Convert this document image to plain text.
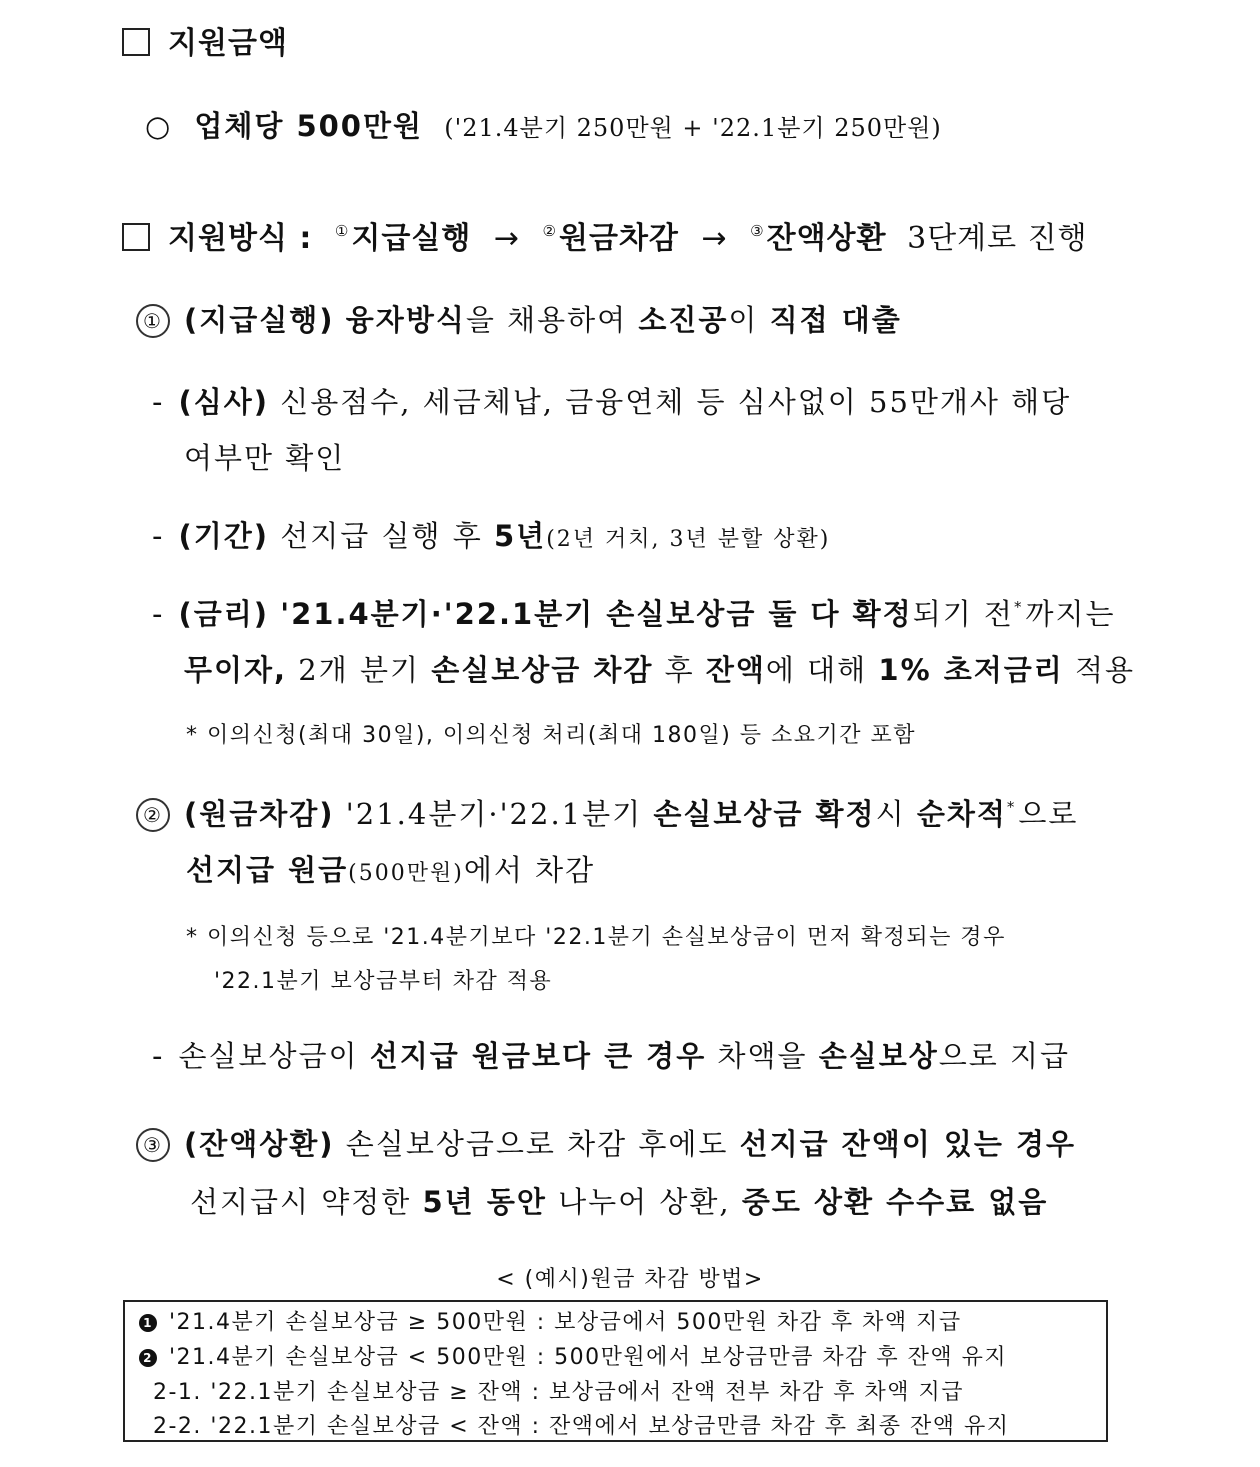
지원금액
○ 업체당 500만원 ('21.4분기 250만원 + '22.1분기 250만원)
지원방식 : ①지급실행 → ②원금차감 → ③잔액상환 3단계로 진행
① (지급실행) 융자방식을 채용하여 소진공이 직접 대출
- (심사) 신용점수, 세금체납, 금융연체 등 심사없이 55만개사 해당
여부만 확인
- (기간) 선지급 실행 후 5년(2년 거치, 3년 분할 상환)
- (금리) '21.4분기·'22.1분기 손실보상금 둘 다 확정되기 전*까지는
무이자, 2개 분기 손실보상금 차감 후 잔액에 대해 1% 초저금리 적용
* 이의신청(최대 30일), 이의신청 처리(최대 180일) 등 소요기간 포함
② (원금차감) '21.4분기·'22.1분기 손실보상금 확정시 순차적*으로
선지급 원금(500만원)에서 차감
* 이의신청 등으로 '21.4분기보다 '22.1분기 손실보상금이 먼저 확정되는 경우
'22.1분기 보상금부터 차감 적용
- 손실보상금이 선지급 원금보다 큰 경우 차액을 손실보상으로 지급
③ (잔액상환) 손실보상금으로 차감 후에도 선지급 잔액이 있는 경우
선지급시 약정한 5년 동안 나누어 상환, 중도 상환 수수료 없음
< (예시)원금 차감 방법>
1 '21.4분기 손실보상금 ≥ 500만원 : 보상금에서 500만원 차감 후 차액 지급
2 '21.4분기 손실보상금 < 500만원 : 500만원에서 보상금만큼 차감 후 잔액 유지
2-1. '22.1분기 손실보상금 ≥ 잔액 : 보상금에서 잔액 전부 차감 후 차액 지급
2-2. '22.1분기 손실보상금 < 잔액 : 잔액에서 보상금만큼 차감 후 최종 잔액 유지
